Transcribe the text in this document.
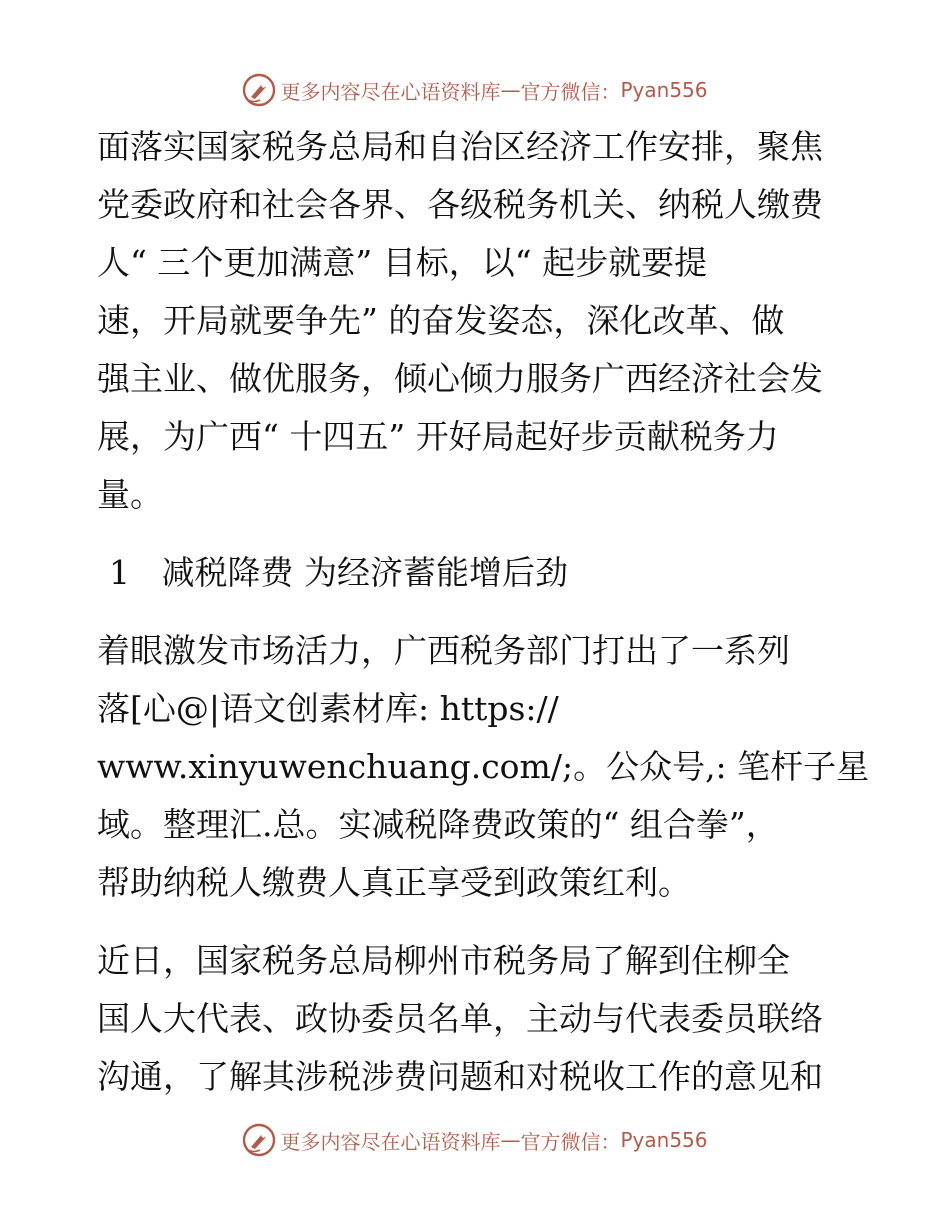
更多内容尽在心语资料库 — 官方微信： Pyan556
面落实国家税务总局和自治区经济工作安排，聚焦
党委政府和社会各界、各级税务机关、纳税人缴费
人“ 三个更加满意” 目标，以“ 起步就要提
速，开局就要争先” 的奋发姿态，深化改革、做
强主业、做优服务，倾心倾力服务广西经济社会发
展，为广西“ 十四五” 开好局起好步贡献税务力
量。
1 减税降费 为经济蓄能增后劲
着眼激发市场活力，广西税务部门打出了一系列
落[心@|语文创素材库: https://
www.xinyuwenchuang.com/;。公众号,: 笔杆子星
域。整理汇.总。实减税降费政策的“ 组合拳”，
帮助纳税人缴费人真正享受到政策红利。
近日，国家税务总局柳州市税务局了解到住柳全
国人大代表、政协委员名单，主动与代表委员联络
沟通，了解其涉税涉费问题和对税收工作的意见和
更多内容尽在心语资料库 — 官方微信： Pyan556
